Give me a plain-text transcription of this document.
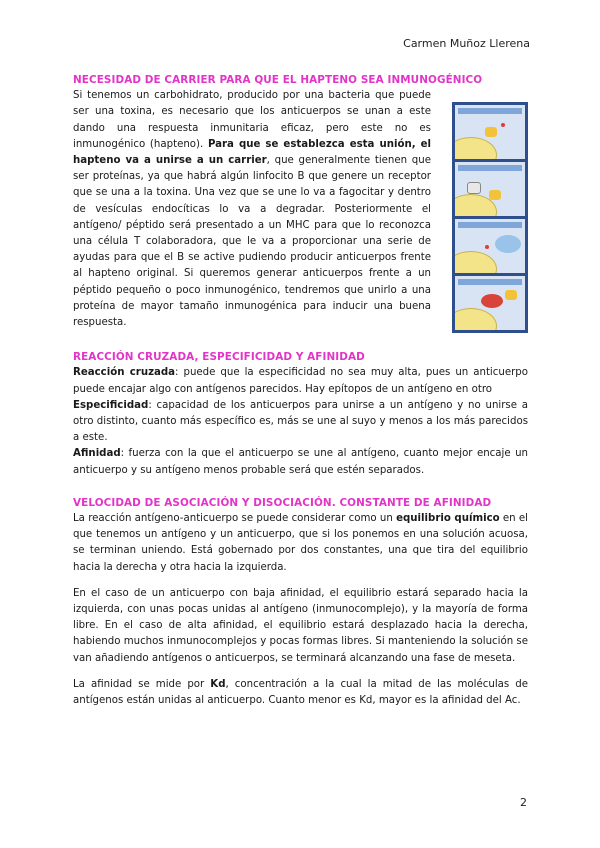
Carmen Muñoz Llerena
NECESIDAD DE CARRIER PARA QUE EL HAPTENO SEA INMUNOGÉNICO

Si tenemos un carbohidrato, producido por una bacteria que puede ser una toxina, es necesario que los anticuerpos se unan a este dando una respuesta inmunitaria eficaz, pero este no es inmunogénico (hapteno). Para que se establezca esta unión, el hapteno va a unirse a un carrier, que generalmente tienen que ser proteínas, ya que habrá algún linfocito B que genere un receptor que se una a la toxina. Una vez que se une lo va a fagocitar y dentro de vesículas endocíticas lo va a degradar. Posteriormente el antígeno/ péptido será presentado a un MHC para que lo reconozca una célula T colaboradora, que le va a proporcionar una serie de ayudas para que el B se active pudiendo producir anticuerpos frente al hapteno original. Si queremos generar anticuerpos frente a un péptido pequeño o poco inmunogénico, tendremos que unirlo a una proteína de mayor tamaño inmunogénica para inducir una buena respuesta.

REACCIÓN CRUZADA, ESPECIFICIDAD Y AFINIDAD

Reacción cruzada: puede que la especificidad no sea muy alta, pues un anticuerpo puede encajar algo con antígenos parecidos. Hay epítopos de un antígeno en otro

Especificidad: capacidad de los anticuerpos para unirse a un antígeno y no unirse a otro distinto, cuanto más específico es, más se une al suyo y menos a los más parecidos a este.

Afinidad: fuerza con la que el anticuerpo se une al antígeno, cuanto mejor encaje un anticuerpo y su antígeno menos probable será que estén separados.

VELOCIDAD DE ASOCIACIÓN Y DISOCIACIÓN. CONSTANTE DE AFINIDAD

La reacción antígeno-anticuerpo se puede considerar como un equilibrio químico en el que tenemos un antígeno y un anticuerpo, que si los ponemos en una solución acuosa, se terminan uniendo. Está gobernado por dos constantes, una que tira del equilibrio hacia la derecha y otra hacia la izquierda.

En el caso de un anticuerpo con baja afinidad, el equilibrio estará separado hacia la izquierda, con unas pocas unidas al antígeno (inmunocomplejo), y la mayoría de forma libre. En el caso de alta afinidad, el equilibrio estará desplazado hacia la derecha, habiendo muchos inmunocomplejos y pocas formas libres. Si manteniendo la solución se van añadiendo antígenos o anticuerpos, se terminará alcanzando una fase de meseta.

La afinidad se mide por Kd, concentración a la cual la mitad de las moléculas de antígenos están unidas al anticuerpo. Cuanto menor es Kd, mayor es la afinidad del Ac.

2
